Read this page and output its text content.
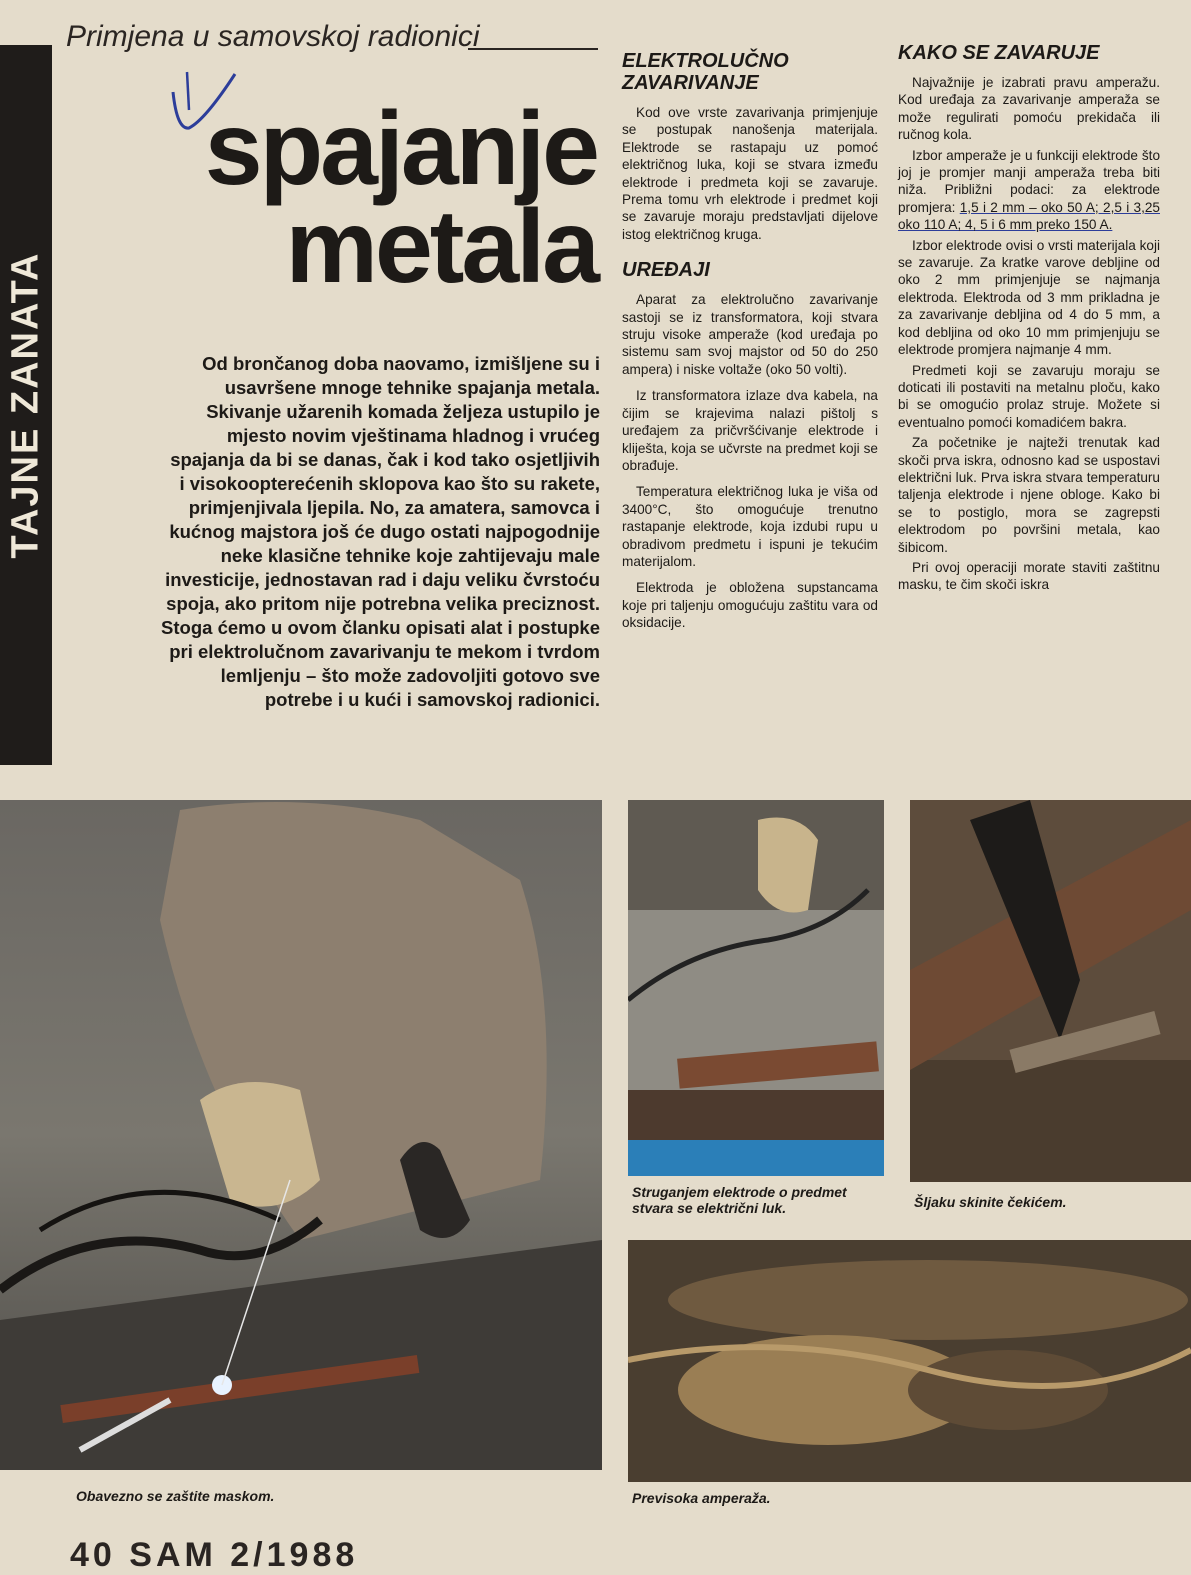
TAJNE ZANATA
Primjena u samovskoj radionici
spajanje
metala
Od brončanog doba naovamo, izmišljene su i usavršene mnoge tehnike spajanja metala. Skivanje užarenih komada željeza ustupilo je mjesto novim vještinama hladnog i vrućeg spajanja da bi se danas, čak i kod tako osjetljivih i visokoopterećenih sklopova kao što su rakete, primjenjivala ljepila. No, za amatera, samovca i kućnog majstora još će dugo ostati najpogodnije neke klasične tehnike koje zahtijevaju male investicije, jednostavan rad i daju veliku čvrstoću spoja, ako pritom nije potrebna velika preciznost. Stoga ćemo u ovom članku opisati alat i postupke pri elektrolučnom zavarivanju te mekom i tvrdom lemljenju – što može zadovoljiti gotovo sve potrebe i u kući i samovskoj radionici.
ELEKTROLUČNO ZAVARIVANJE

Kod ove vrste zavarivanja primjenjuje se postupak nanošenja materijala. Elektrode se rastapaju uz pomoć električnog luka, koji se stvara između elektrode i predmeta koji se zavaruje. Prema tomu vrh elektrode i predmet koji se zavaruje moraju predstavljati dijelove istog električnog kruga.

UREĐAJI

Aparat za elektrolučno zavarivanje sastoji se iz transformatora, koji stvara struju visoke amperaže (kod uređaja po sistemu sam svoj majstor od 50 do 250 ampera) i niske voltaže (oko 50 volti).

Iz transformatora izlaze dva kabela, na čijim se krajevima nalazi pištolj s uređajem za pričvršćivanje elektrode i kliješta, koja se učvrste na predmet koji se obrađuje.

Temperatura električnog luka je viša od 3400°C, što omogućuje trenutno rastapanje elektrode, koja izdubi rupu u obradivom predmetu i ispuni je tekućim materijalom.

Elektroda je obložena supstancama koje pri taljenju omogućuju zaštitu vara od oksidacije.

KAKO SE ZAVARUJE

Najvažnije je izabrati pravu amperažu. Kod uređaja za zavarivanje amperaža se može regulirati pomoću prekidača ili ručnog kola.

Izbor amperaže je u funkciji elektrode što joj je promjer manji amperaža treba biti niža. Približni podaci: za elektrode promjera: 1,5 i 2 mm – oko 50 A; 2,5 i 3,25 oko 110 A; 4, 5 i 6 mm preko 150 A.

Izbor elektrode ovisi o vrsti materijala koji se zavaruje. Za kratke varove debljine od oko 2 mm primjenjuje se najmanja elektroda. Elektroda od 3 mm prikladna je za zavarivanje debljina od 4 do 5 mm, a kod debljina od oko 10 mm primjenjuju se elektrode promjera najmanje 4 mm.

Predmeti koji se zavaruju moraju se doticati ili postaviti na metalnu ploču, kako bi se omogućio prolaz struje. Možete si eventualno pomoći komadićem bakra.

Za početnike je najteži trenutak kad skoči prva iskra, odnosno kad se uspostavi električni luk. Prva iskra stvara temperaturu taljenja elektrode i njene obloge. Kako bi se to postiglo, mora se zagrepsti elektrodom po površini metala, kao šibicom.

Pri ovoj operaciji morate staviti zaštitnu masku, te čim skoči iskra

Obavezno se zaštite maskom.
Struganjem elektrode o predmet stvara se električni luk.	Šljaku skinite čekićem.
Previsoka amperaža.
40 SAM 2/1988
